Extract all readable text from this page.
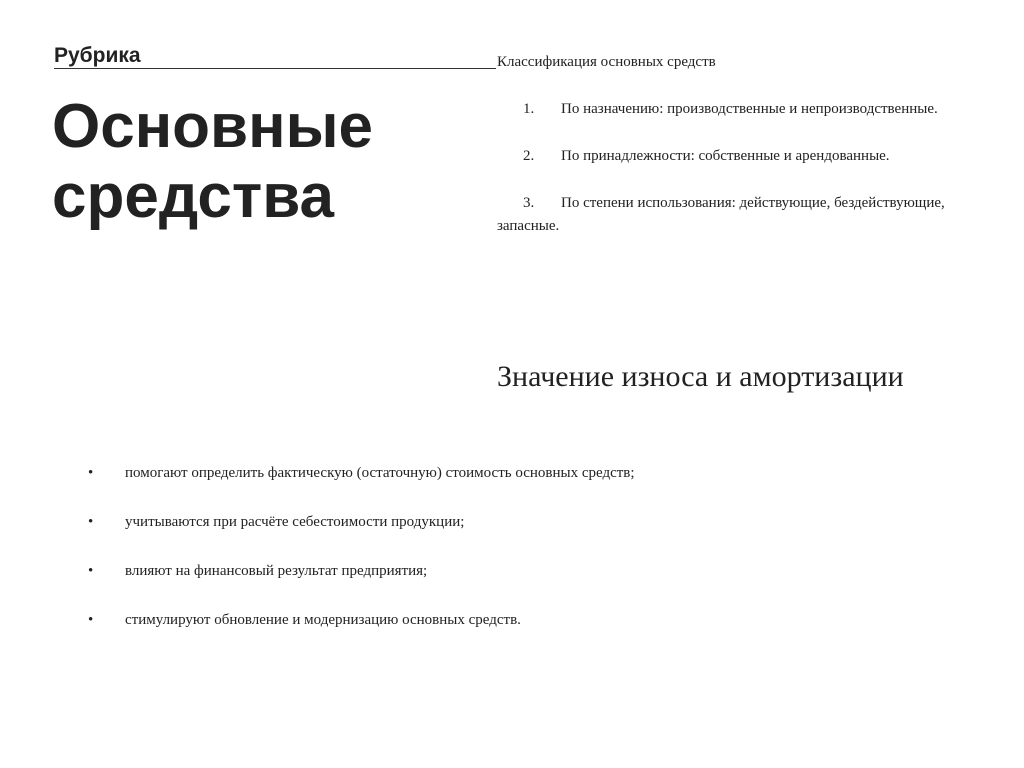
Рубрика
Основные
средства
Классификация основных средств
1. По назначению: производственные и непроизводственные.
2. По принадлежности: собственные и арендованные.
3. По степени использования: действующие, бездействующие, запасные.
Значение износа и амортизации
• помогают определить фактическую (остаточную) стоимость основных средств;
• учитываются при расчёте себестоимости продукции;
• влияют на финансовый результат предприятия;
• стимулируют обновление и модернизацию основных средств.
